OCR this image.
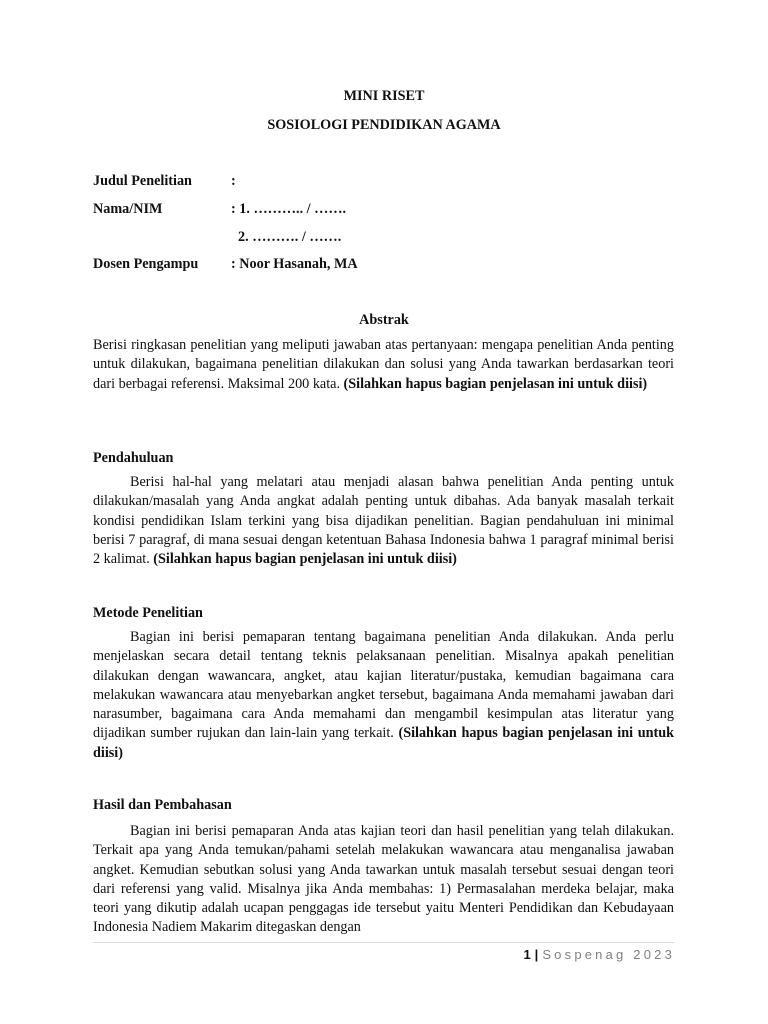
MINI RISET
SOSIOLOGI PENDIDIKAN AGAMA
Judul Penelitian	:
Nama/NIM	: 1. ……….. / …….
2. ………. / …….
Dosen Pengampu : Noor Hasanah, MA
Abstrak

Berisi ringkasan penelitian yang meliputi jawaban atas pertanyaan: mengapa penelitian Anda penting untuk dilakukan, bagaimana penelitian dilakukan dan solusi yang Anda tawarkan berdasarkan teori dari berbagai referensi. Maksimal 200 kata. (Silahkan hapus bagian penjelasan ini untuk diisi)

Pendahuluan

Berisi hal-hal yang melatari atau menjadi alasan bahwa penelitian Anda penting untuk dilakukan/masalah yang Anda angkat adalah penting untuk dibahas. Ada banyak masalah terkait kondisi pendidikan Islam terkini yang bisa dijadikan penelitian. Bagian pendahuluan ini minimal berisi 7 paragraf, di mana sesuai dengan ketentuan Bahasa Indonesia bahwa 1 paragraf minimal berisi 2 kalimat. (Silahkan hapus bagian penjelasan ini untuk diisi)

Metode Penelitian

Bagian ini berisi pemaparan tentang bagaimana penelitian Anda dilakukan. Anda perlu menjelaskan secara detail tentang teknis pelaksanaan penelitian. Misalnya apakah penelitian dilakukan dengan wawancara, angket, atau kajian literatur/pustaka, kemudian bagaimana cara melakukan wawancara atau menyebarkan angket tersebut, bagaimana Anda memahami jawaban dari narasumber, bagaimana cara Anda memahami dan mengambil kesimpulan atas literatur yang dijadikan sumber rujukan dan lain-lain yang terkait. (Silahkan hapus bagian penjelasan ini untuk diisi)

Hasil dan Pembahasan

Bagian ini berisi pemaparan Anda atas kajian teori dan hasil penelitian yang telah dilakukan. Terkait apa yang Anda temukan/pahami setelah melakukan wawancara atau menganalisa jawaban angket. Kemudian sebutkan solusi yang Anda tawarkan untuk masalah tersebut sesuai dengan teori dari referensi yang valid. Misalnya jika Anda membahas: 1) Permasalahan merdeka belajar, maka teori yang dikutip adalah ucapan penggagas ide tersebut yaitu Menteri Pendidikan dan Kebudayaan Indonesia Nadiem Makarim ditegaskan dengan

1 | Sospenag 2023
